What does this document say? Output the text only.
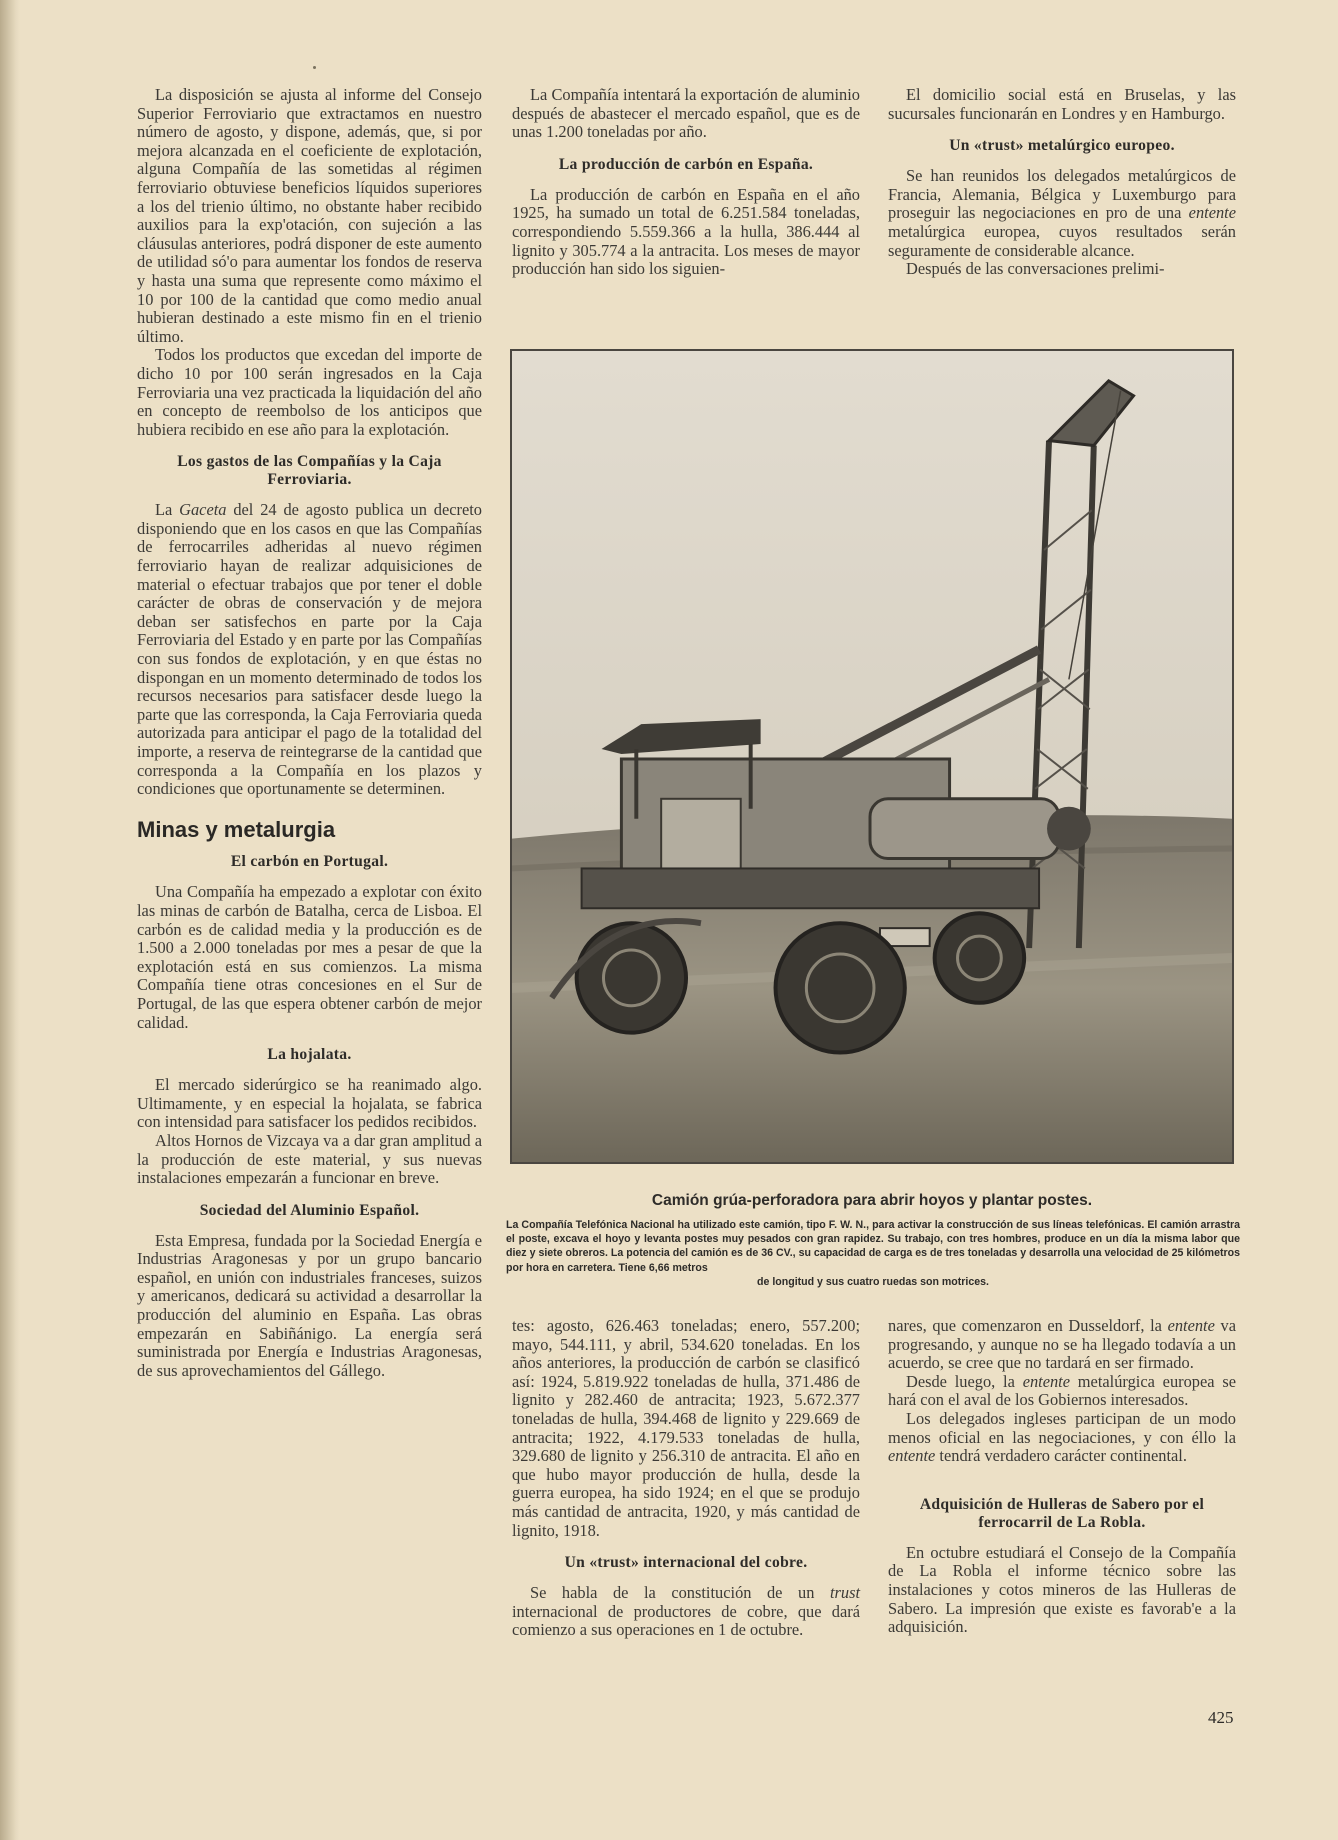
La disposición se ajusta al informe del Consejo Superior Ferroviario que extractamos en nuestro número de agosto, y dispone, además, que, si por mejora alcanzada en el coeficiente de explotación, alguna Compañía de las sometidas al régimen ferroviario obtuviese beneficios líquidos superiores a los del trienio último, no obstante haber recibido auxilios para la exp'otación, con sujeción a las cláusulas anteriores, podrá disponer de este aumento de utilidad só'o para aumentar los fondos de reserva y hasta una suma que represente como máximo el 10 por 100 de la cantidad que como medio anual hubieran destinado a este mismo fin en el trienio último.

Todos los productos que excedan del importe de dicho 10 por 100 serán ingresados en la Caja Ferroviaria una vez practicada la liquidación del año en concepto de reembolso de los anticipos que hubiera recibido en ese año para la explotación.

Los gastos de las Compañías y la Caja Ferroviaria.

La Gaceta del 24 de agosto publica un decreto disponiendo que en los casos en que las Compañías de ferrocarriles adheridas al nuevo régimen ferroviario hayan de realizar adquisiciones de material o efectuar trabajos que por tener el doble carácter de obras de conservación y de mejora deban ser satisfechos en parte por la Caja Ferroviaria del Estado y en parte por las Compañías con sus fondos de explotación, y en que éstas no dispongan en un momento determinado de todos los recursos necesarios para satisfacer desde luego la parte que las corresponda, la Caja Ferroviaria queda autorizada para anticipar el pago de la totalidad del importe, a reserva de reintegrarse de la cantidad que corresponda a la Compañía en los plazos y condiciones que oportunamente se determinen.

Minas y metalurgia
El carbón en Portugal.

Una Compañía ha empezado a explotar con éxito las minas de carbón de Batalha, cerca de Lisboa. El carbón es de calidad media y la producción es de 1.500 a 2.000 toneladas por mes a pesar de que la explotación está en sus comienzos. La misma Compañía tiene otras concesiones en el Sur de Portugal, de las que espera obtener carbón de mejor calidad.

La hojalata.

El mercado siderúrgico se ha reanimado algo. Ultimamente, y en especial la hojalata, se fabrica con intensidad para satisfacer los pedidos recibidos.

Altos Hornos de Vizcaya va a dar gran amplitud a la producción de este material, y sus nuevas instalaciones empezarán a funcionar en breve.

Sociedad del Aluminio Español.

Esta Empresa, fundada por la Sociedad Energía e Industrias Aragonesas y por un grupo bancario español, en unión con industriales franceses, suizos y americanos, dedicará su actividad a desarrollar la producción del aluminio en España. Las obras empezarán en Sabiñánigo. La energía será suministrada por Energía e Industrias Aragonesas, de sus aprovechamientos del Gállego.

La Compañía intentará la exportación de aluminio después de abastecer el mercado español, que es de unas 1.200 toneladas por año.

La producción de carbón en España.

La producción de carbón en España en el año 1925, ha sumado un total de 6.251.584 toneladas, correspondiendo 5.559.366 a la hulla, 386.444 al lignito y 305.774 a la antracita. Los meses de mayor producción han sido los siguien-

El domicilio social está en Bruselas, y las sucursales funcionarán en Londres y en Hamburgo.

Un «trust» metalúrgico europeo.

Se han reunidos los delegados metalúrgicos de Francia, Alemania, Bélgica y Luxemburgo para proseguir las negociaciones en pro de una entente metalúrgica europea, cuyos resultados serán seguramente de considerable alcance.

Después de las conversaciones prelimi-

Camión grúa-perforadora para abrir hoyos y plantar postes.
La Compañía Telefónica Nacional ha utilizado este camión, tipo F. W. N., para activar la construcción de sus líneas telefónicas. El camión arrastra el poste, excava el hoyo y levanta postes muy pesados con gran rapidez. Su trabajo, con tres hombres, produce en un día la misma labor que diez y siete obreros. La potencia del camión es de 36 CV., su capacidad de carga es de tres toneladas y desarrolla una velocidad de 25 kilómetros por hora en carretera. Tiene 6,66 metros
de longitud y sus cuatro ruedas son motrices.

tes: agosto, 626.463 toneladas; enero, 557.200; mayo, 544.111, y abril, 534.620 toneladas. En los años anteriores, la producción de carbón se clasificó así: 1924, 5.819.922 toneladas de hulla, 371.486 de lignito y 282.460 de antracita; 1923, 5.672.377 toneladas de hulla, 394.468 de lignito y 229.669 de antracita; 1922, 4.179.533 toneladas de hulla, 329.680 de lignito y 256.310 de antracita. El año en que hubo mayor producción de hulla, desde la guerra europea, ha sido 1924; en el que se produjo más cantidad de antracita, 1920, y más cantidad de lignito, 1918.

Un «trust» internacional del cobre.

Se habla de la constitución de un trust internacional de productores de cobre, que dará comienzo a sus operaciones en 1 de octubre.

nares, que comenzaron en Dusseldorf, la entente va progresando, y aunque no se ha llegado todavía a un acuerdo, se cree que no tardará en ser firmado.

Desde luego, la entente metalúrgica europea se hará con el aval de los Gobiernos interesados.

Los delegados ingleses participan de un modo menos oficial en las negociaciones, y con éllo la entente tendrá verdadero carácter continental.

Adquisición de Hulleras de Sabero por el ferrocarril de La Robla.

En octubre estudiará el Consejo de la Compañía de La Robla el informe técnico sobre las instalaciones y cotos mineros de las Hulleras de Sabero. La impresión que existe es favorab'e a la adquisición.

425
